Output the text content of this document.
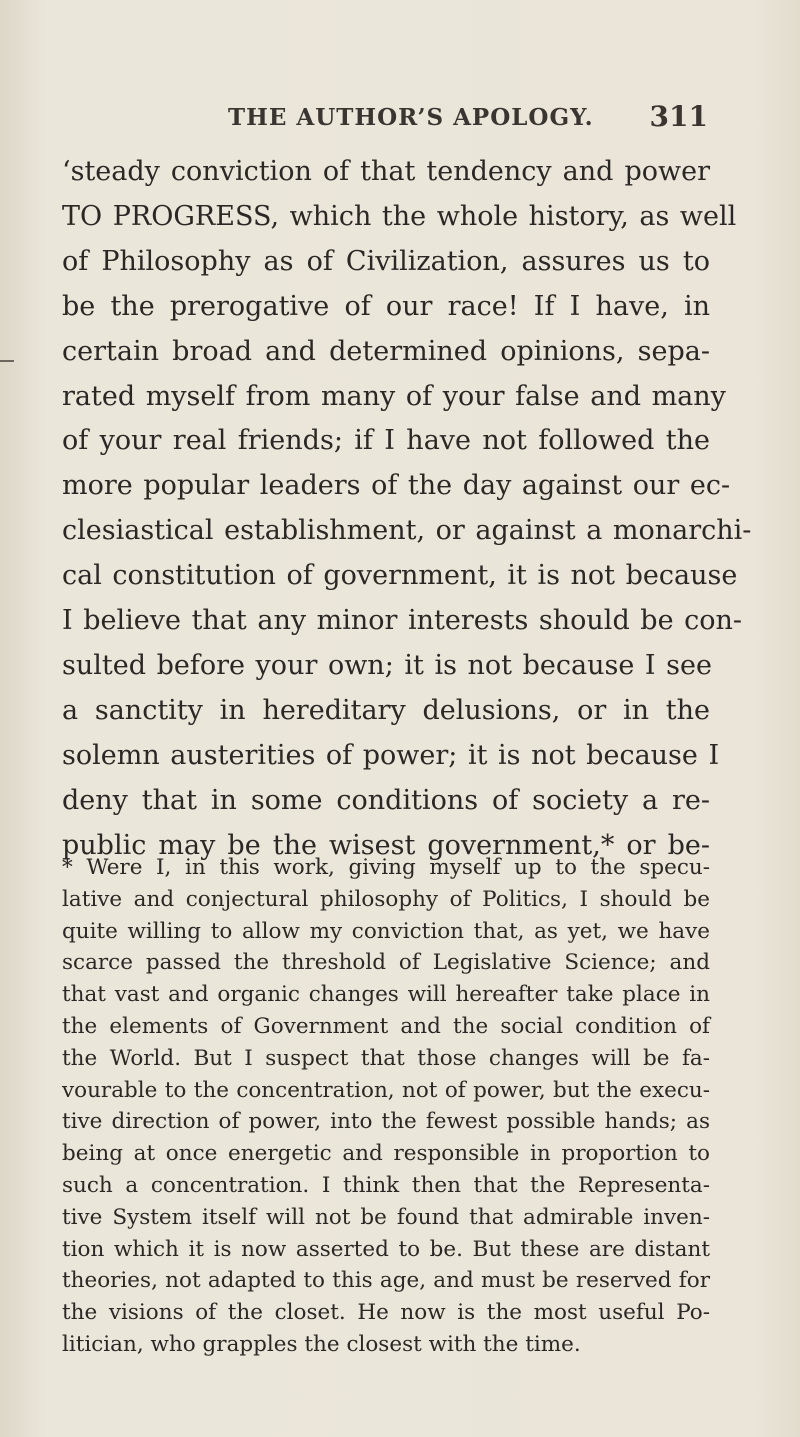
THE AUTHOR’S APOLOGY. 311
‘steady conviction of that tendency and power
TO PROGRESS, which the whole history, as well
of Philosophy as of Civilization, assures us to
be the prerogative of our race! If I have, in
certain broad and determined opinions, sepa-
rated myself from many of your false and many
of your real friends; if I have not followed the
more popular leaders of the day against our ec-
clesiastical establishment, or against a monarchi-
cal constitution of government, it is not because
I believe that any minor interests should be con-
sulted before your own; it is not because I see
a sanctity in hereditary delusions, or in the
solemn austerities of power; it is not because I
deny that in some conditions of society a re-
public may be the wisest government,* or be-
* Were I, in this work, giving myself up to the specu-
lative and conjectural philosophy of Politics, I should be
quite willing to allow my conviction that, as yet, we have
scarce passed the threshold of Legislative Science; and
that vast and organic changes will hereafter take place in
the elements of Government and the social condition of
the World. But I suspect that those changes will be fa-
vourable to the concentration, not of power, but the execu-
tive direction of power, into the fewest possible hands; as
being at once energetic and responsible in proportion to
such a concentration. I think then that the Representa-
tive System itself will not be found that admirable inven-
tion which it is now asserted to be. But these are distant
theories, not adapted to this age, and must be reserved for
the visions of the closet. He now is the most useful Po-
litician, who grapples the closest with the time.
